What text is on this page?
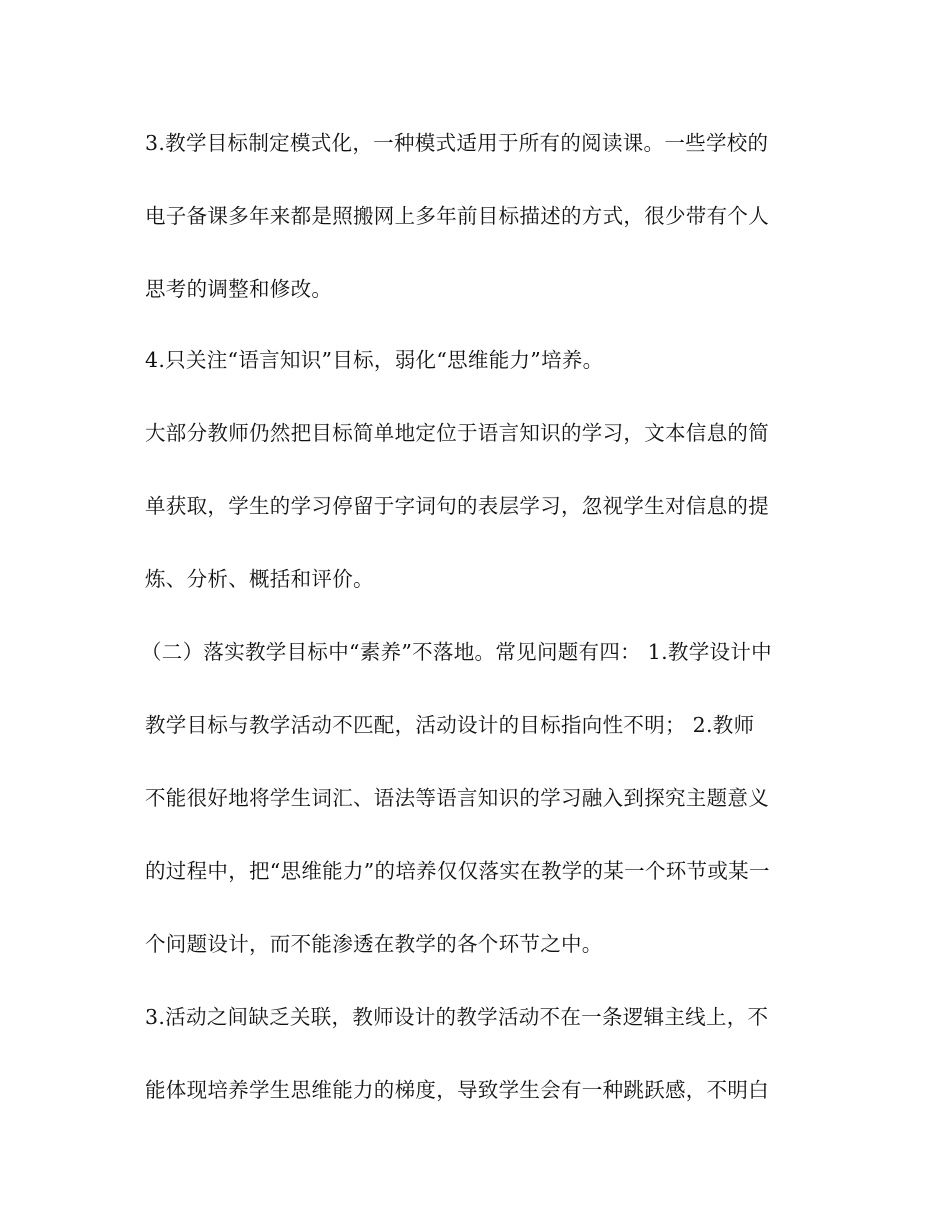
3.教学目标制定模式化，一种模式适用于所有的阅读课。一些学校的
电子备课多年来都是照搬网上多年前目标描述的方式，很少带有个人
思考的调整和修改。
4.只关注“语言知识”目标，弱化“思维能力”培养。
大部分教师仍然把目标简单地定位于语言知识的学习，文本信息的简
单获取，学生的学习停留于字词句的表层学习，忽视学生对信息的提
炼、分析、概括和评价。
（二）落实教学目标中“素养”不落地。常见问题有四： 1.教学设计中
教学目标与教学活动不匹配，活动设计的目标指向性不明； 2.教师
不能很好地将学生词汇、语法等语言知识的学习融入到探究主题意义
的过程中，把“思维能力”的培养仅仅落实在教学的某一个环节或某一
个问题设计，而不能渗透在教学的各个环节之中。
3.活动之间缺乏关联，教师设计的教学活动不在一条逻辑主线上，不
能体现培养学生思维能力的梯度，导致学生会有一种跳跃感，不明白
